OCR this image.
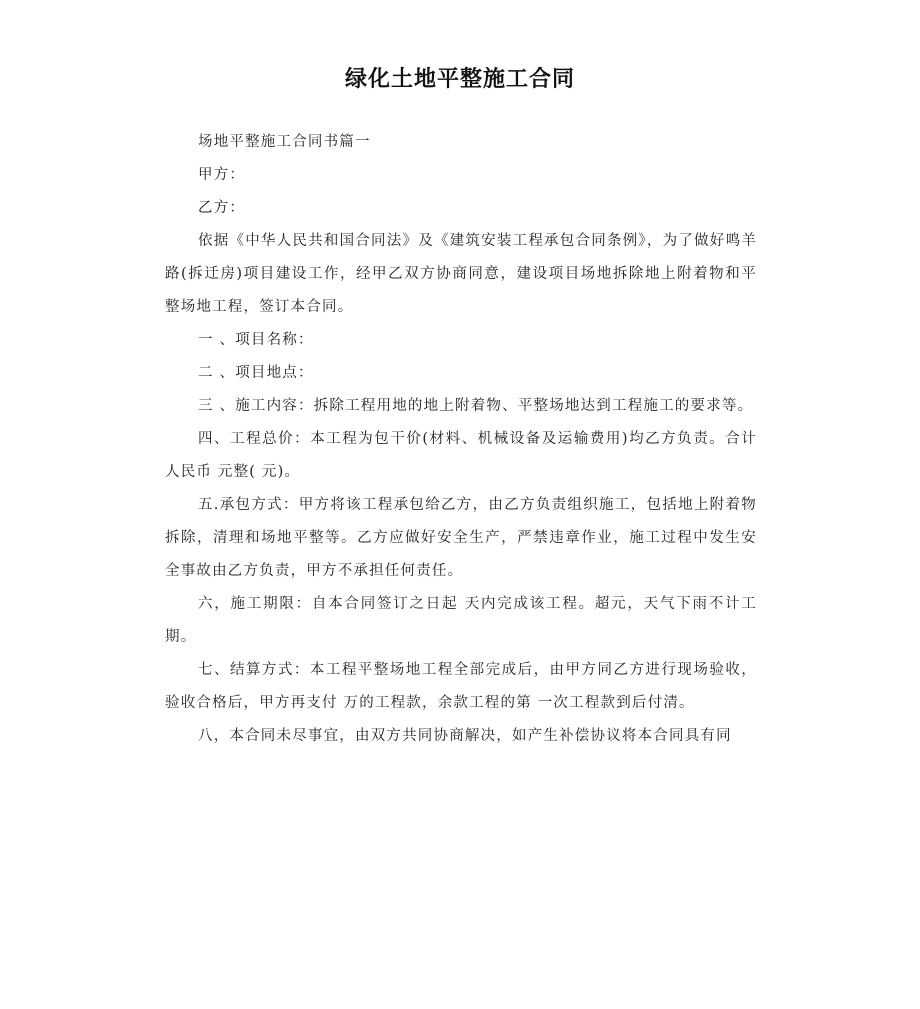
绿化土地平整施工合同

场地平整施工合同书篇一

甲方：

乙方：

依据《中华人民共和国合同法》及《建筑安装工程承包合同条例》，为了做好鸣羊路(拆迁房)项目建设工作，经甲乙双方协商同意，建设项目场地拆除地上附着物和平整场地工程，签订本合同。

一 、项目名称：

二 、项目地点：

三 、施工内容：拆除工程用地的地上附着物、平整场地达到工程施工的要求等。

四、工程总价：本工程为包干价(材料、机械设备及运输费用)均乙方负责。合计人民币 元整( 元)。

五.承包方式：甲方将该工程承包给乙方，由乙方负责组织施工，包括地上附着物拆除，清理和场地平整等。乙方应做好安全生产，严禁违章作业，施工过程中发生安全事故由乙方负责，甲方不承担任何责任。

六，施工期限：自本合同签订之日起 天内完成该工程。超元，天气下雨不计工期。

七、结算方式：本工程平整场地工程全部完成后，由甲方同乙方进行现场验收，验收合格后，甲方再支付 万的工程款，余款工程的第 一次工程款到后付清。

八，本合同未尽事宜，由双方共同协商解决，如产生补偿协议将本合同具有同
